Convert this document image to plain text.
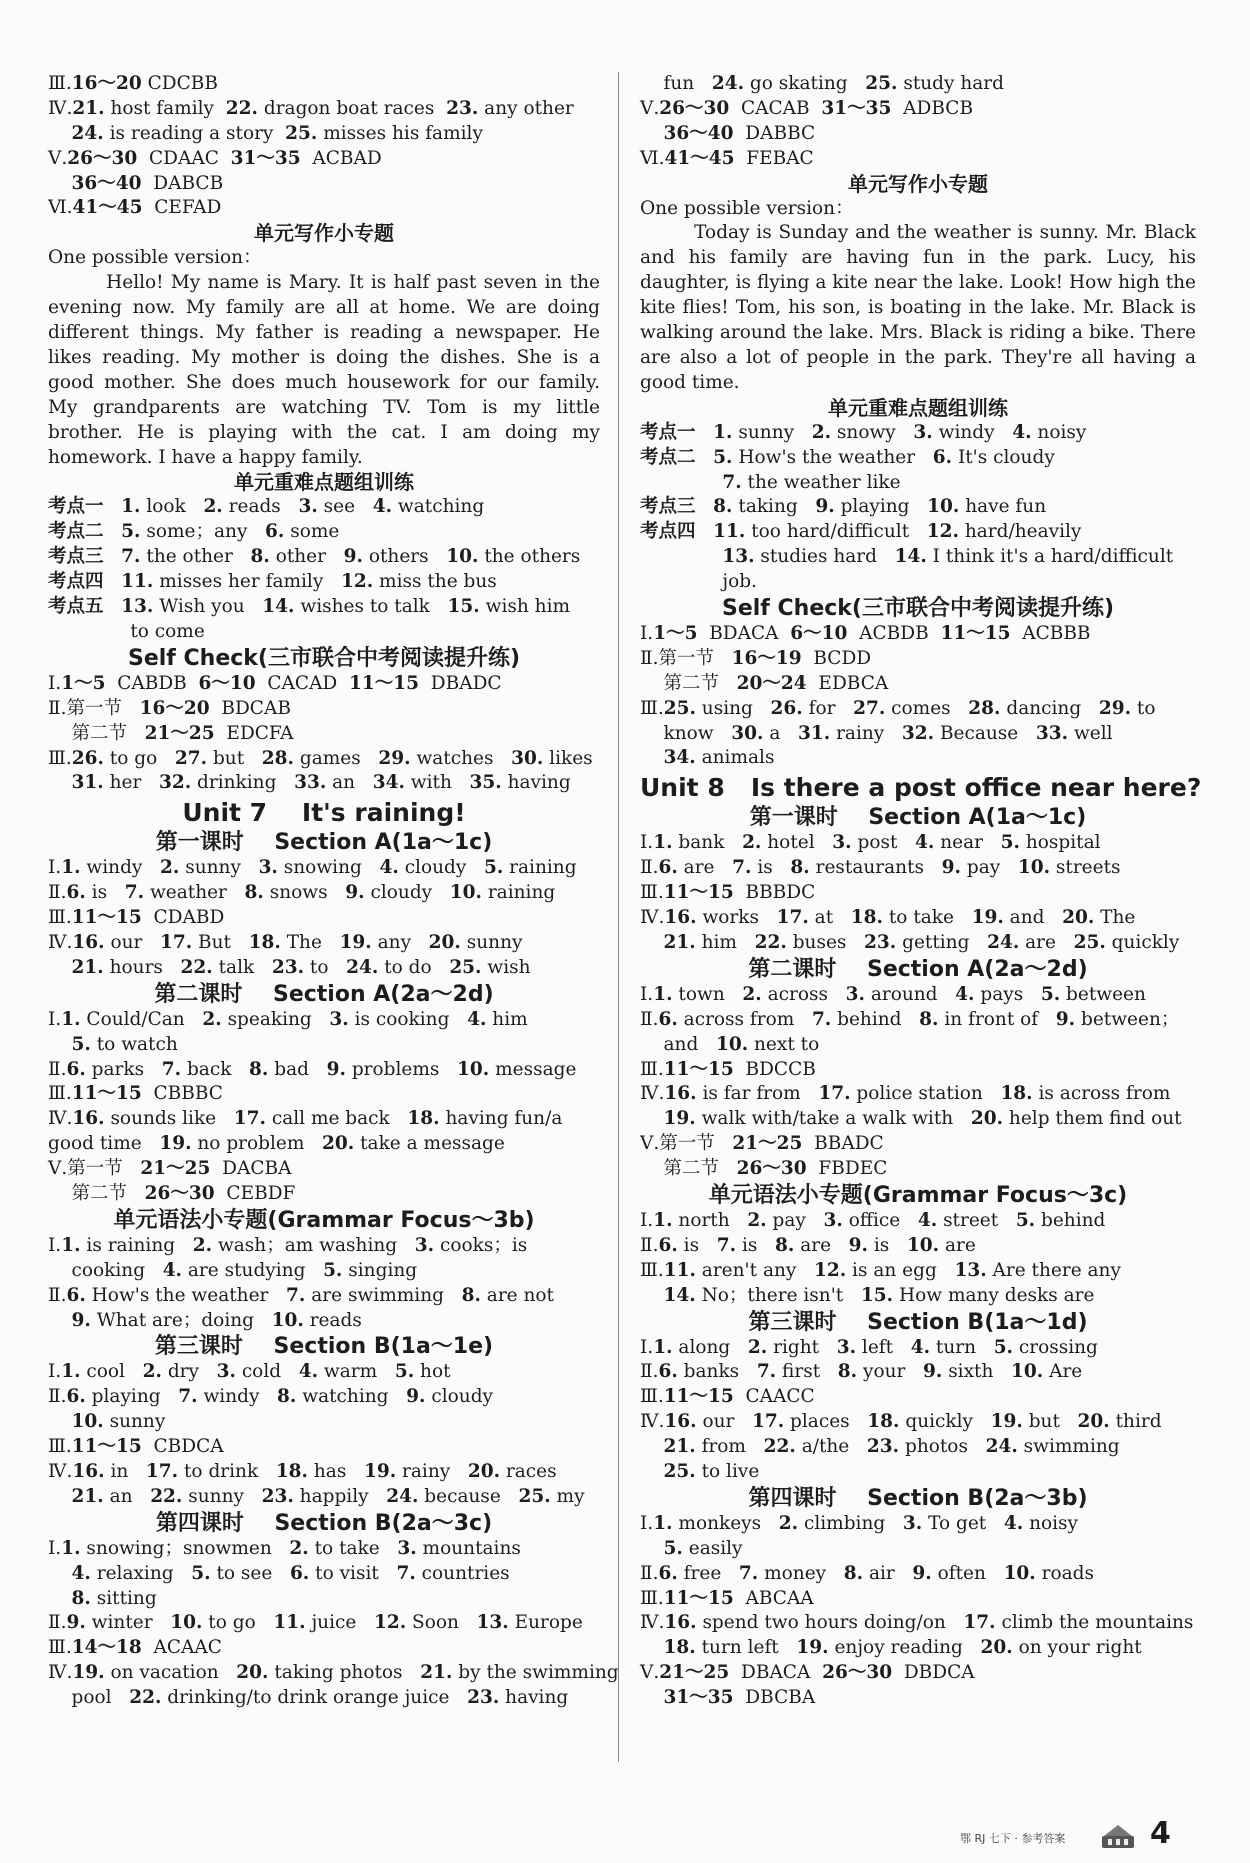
Ⅲ.16～20 CDCBB
Ⅳ.21. host family  22. dragon boat races  23. any other
24. is reading a story  25. misses his family
Ⅴ.26～30  CDAAC  31～35  ACBAD
36～40  DABCB
Ⅵ.41～45  CEFAD
单元写作小专题
One possible version：
Hello! My name is Mary. It is half past seven in the evening now. My family are all at home. We are doing different things. My father is reading a newspaper. He likes reading. My mother is doing the dishes. She is a good mother. She does much housework for our family. My grandparents are watching TV. Tom is my little brother. He is playing with the cat. I am doing my homework. I have a happy family.
单元重难点题组训练
考点一 1. look   2. reads   3. see   4. watching
考点二 5. some；any   6. some
考点三 7. the other   8. other   9. others   10. the others
考点四 11. misses her family   12. miss the bus
考点五 13. Wish you   14. wishes to talk   15. wish him
to come
Self Check(三市联合中考阅读提升练)
Ⅰ.1～5  CABDB  6～10  CACAD  11～15  DBADC
Ⅱ.第一节   16～20  BDCAB
第二节   21～25  EDCFA
Ⅲ.26. to go   27. but   28. games   29. watches   30. likes
31. her   32. drinking   33. an   34. with   35. having
Unit 7    It's raining!
第一课时    Section A(1a～1c)
Ⅰ.1. windy   2. sunny   3. snowing   4. cloudy   5. raining
Ⅱ.6. is   7. weather   8. snows   9. cloudy   10. raining
Ⅲ.11～15  CDABD
Ⅳ.16. our   17. But   18. The   19. any   20. sunny
21. hours   22. talk   23. to   24. to do   25. wish
第二课时    Section A(2a～2d)
Ⅰ.1. Could/Can   2. speaking   3. is cooking   4. him
5. to watch
Ⅱ.6. parks   7. back   8. bad   9. problems   10. message
Ⅲ.11～15  CBBBC
Ⅳ.16. sounds like   17. call me back   18. having fun/a
good time   19. no problem   20. take a message
Ⅴ.第一节   21～25  DACBA
第二节   26～30  CEBDF
单元语法小专题(Grammar Focus～3b)
Ⅰ.1. is raining   2. wash；am washing   3. cooks；is
cooking   4. are studying   5. singing
Ⅱ.6. How's the weather   7. are swimming   8. are not
9. What are；doing   10. reads
第三课时    Section B(1a～1e)
Ⅰ.1. cool   2. dry   3. cold   4. warm   5. hot
Ⅱ.6. playing   7. windy   8. watching   9. cloudy
10. sunny
Ⅲ.11～15  CBDCA
Ⅳ.16. in   17. to drink   18. has   19. rainy   20. races
21. an   22. sunny   23. happily   24. because   25. my
第四课时    Section B(2a～3c)
Ⅰ.1. snowing；snowmen   2. to take   3. mountains
4. relaxing   5. to see   6. to visit   7. countries
8. sitting
Ⅱ.9. winter   10. to go   11. juice   12. Soon   13. Europe
Ⅲ.14～18  ACAAC
Ⅳ.19. on vacation   20. taking photos   21. by the swimming
pool   22. drinking/to drink orange juice   23. having
fun   24. go skating   25. study hard
Ⅴ.26～30  CACAB  31～35  ADBCB
36～40  DABBC
Ⅵ.41～45  FEBAC
单元写作小专题
One possible version：
Today is Sunday and the weather is sunny. Mr. Black and his family are having fun in the park. Lucy, his daughter, is flying a kite near the lake. Look! How high the kite flies! Tom, his son, is boating in the lake. Mr. Black is walking around the lake. Mrs. Black is riding a bike. There are also a lot of people in the park. They're all having a good time.
单元重难点题组训练
考点一 1. sunny   2. snowy   3. windy   4. noisy
考点二 5. How's the weather   6. It's cloudy
7. the weather like
考点三 8. taking   9. playing   10. have fun
考点四 11. too hard/difficult   12. hard/heavily
13. studies hard   14. I think it's a hard/difficult
job.
Self Check(三市联合中考阅读提升练)
Ⅰ.1～5  BDACA  6～10  ACBDB  11～15  ACBBB
Ⅱ.第一节   16～19  BCDD
第二节   20～24  EDBCA
Ⅲ.25. using   26. for   27. comes   28. dancing   29. to
know   30. a   31. rainy   32. Because   33. well
34. animals
Unit 8   Is there a post office near here?
第一课时    Section A(1a～1c)
Ⅰ.1. bank   2. hotel   3. post   4. near   5. hospital
Ⅱ.6. are   7. is   8. restaurants   9. pay   10. streets
Ⅲ.11～15  BBBDC
Ⅳ.16. works   17. at   18. to take   19. and   20. The
21. him   22. buses   23. getting   24. are   25. quickly
第二课时    Section A(2a～2d)
Ⅰ.1. town   2. across   3. around   4. pays   5. between
Ⅱ.6. across from   7. behind   8. in front of   9. between；
and   10. next to
Ⅲ.11～15  BDCCB
Ⅳ.16. is far from   17. police station   18. is across from
19. walk with/take a walk with   20. help them find out
Ⅴ.第一节   21～25  BBADC
第二节   26～30  FBDEC
单元语法小专题(Grammar Focus～3c)
Ⅰ.1. north   2. pay   3. office   4. street   5. behind
Ⅱ.6. is   7. is   8. are   9. is   10. are
Ⅲ.11. aren't any   12. is an egg   13. Are there any
14. No；there isn't   15. How many desks are
第三课时    Section B(1a～1d)
Ⅰ.1. along   2. right   3. left   4. turn   5. crossing
Ⅱ.6. banks   7. first   8. your   9. sixth   10. Are
Ⅲ.11～15  CAACC
Ⅳ.16. our   17. places   18. quickly   19. but   20. third
21. from   22. a/the   23. photos   24. swimming
25. to live
第四课时    Section B(2a～3b)
Ⅰ.1. monkeys   2. climbing   3. To get   4. noisy
5. easily
Ⅱ.6. free   7. money   8. air   9. often   10. roads
Ⅲ.11～15  ABCAA
Ⅳ.16. spend two hours doing/on   17. climb the mountains
18. turn left   19. enjoy reading   20. on your right
Ⅴ.21～25  DBACA  26～30  DBDCA
31～35  DBCBA
鄂 RJ 七下 · 参考答案	4
